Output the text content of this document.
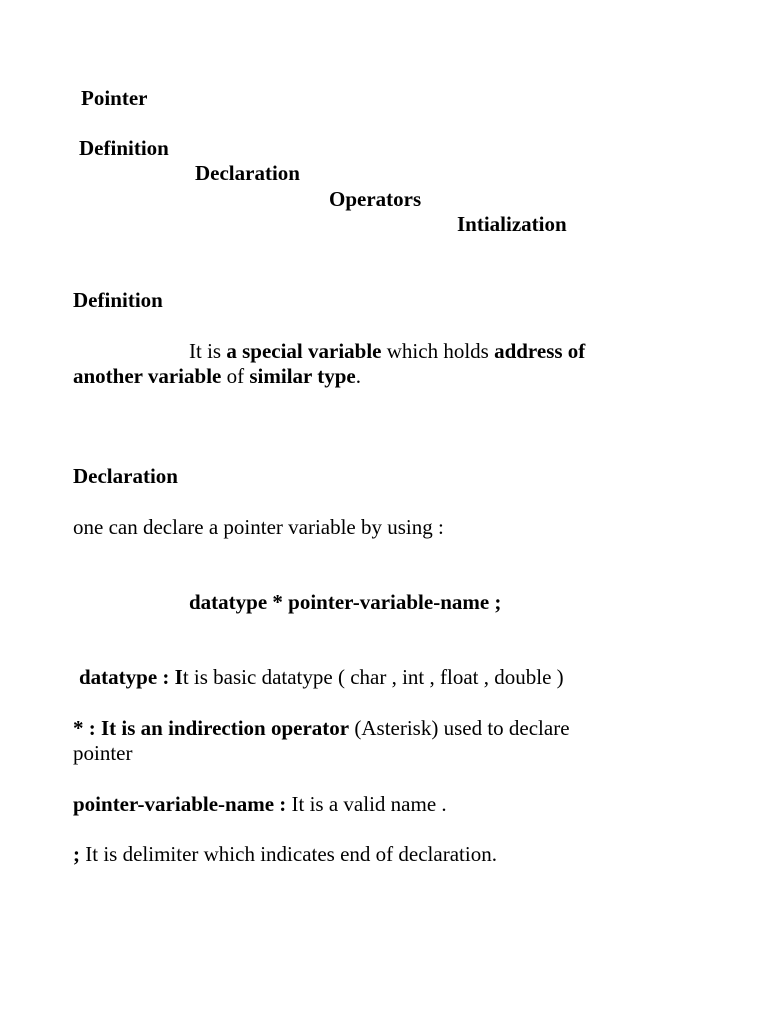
Pointer
Definition
Declaration
Operators
Intialization
Definition
It is a special variable which holds address of
another variable of similar type.
Declaration
one can declare a pointer variable by using :
datatype * pointer-variable-name ;
datatype : It is basic datatype ( char , int , float , double )
* : It is an indirection operator (Asterisk) used to declare
pointer
pointer-variable-name : It is a valid name .
; It is delimiter which indicates end of declaration.
